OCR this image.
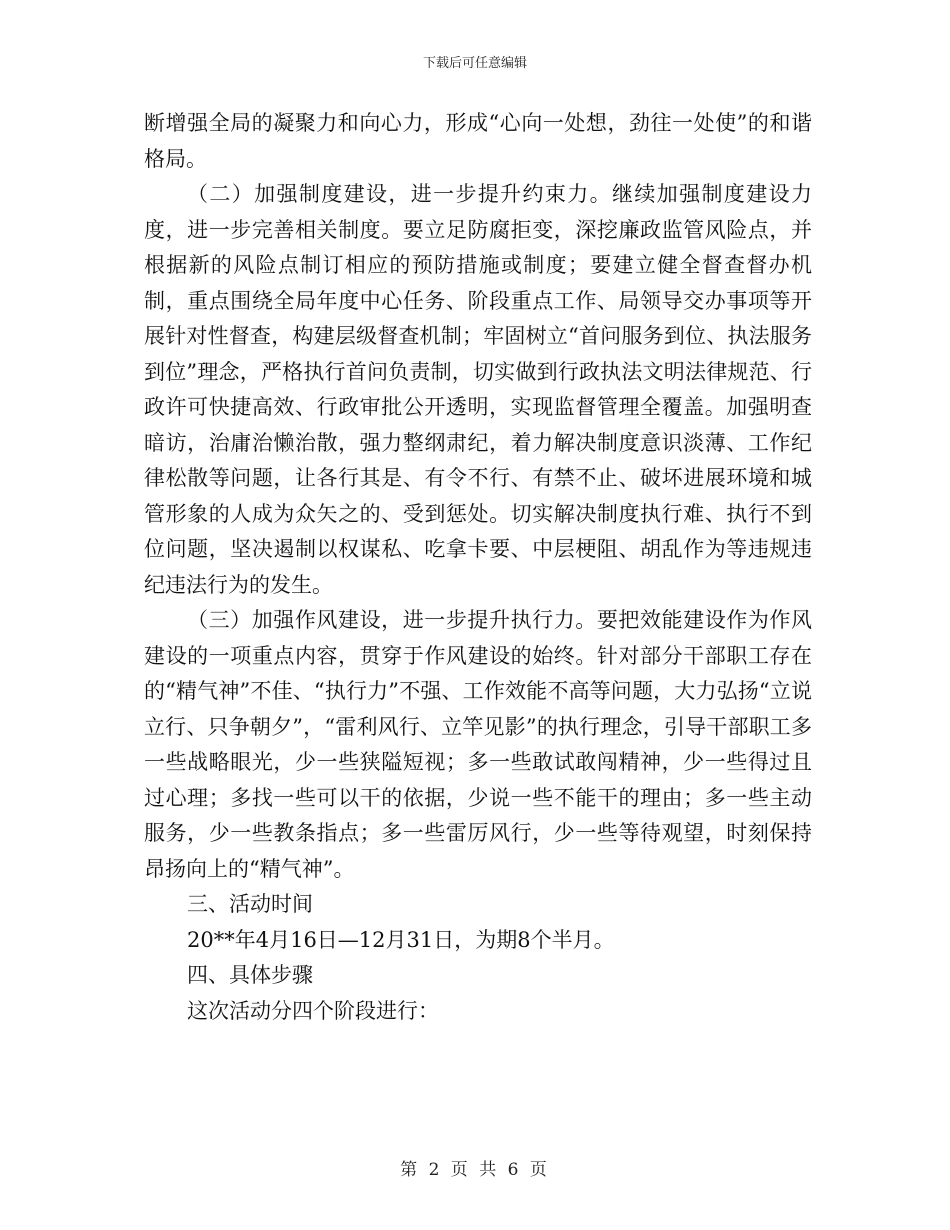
下载后可任意编辑

断增强全局的凝聚力和向心力，形成“心向一处想，劲往一处使”的和谐格局。

（二）加强制度建设，进一步提升约束力。继续加强制度建设力度，进一步完善相关制度。要立足防腐拒变，深挖廉政监管风险点，并根据新的风险点制订相应的预防措施或制度；要建立健全督查督办机制，重点围绕全局年度中心任务、阶段重点工作、局领导交办事项等开展针对性督查，构建层级督查机制；牢固树立“首问服务到位、执法服务到位”理念，严格执行首问负责制，切实做到行政执法文明法律规范、行政许可快捷高效、行政审批公开透明，实现监督管理全覆盖。加强明查暗访，治庸治懒治散，强力整纲肃纪，着力解决制度意识淡薄、工作纪律松散等问题，让各行其是、有令不行、有禁不止、破坏进展环境和城管形象的人成为众矢之的、受到惩处。切实解决制度执行难、执行不到位问题，坚决遏制以权谋私、吃拿卡要、中层梗阻、胡乱作为等违规违纪违法行为的发生。

（三）加强作风建设，进一步提升执行力。要把效能建设作为作风建设的一项重点内容，贯穿于作风建设的始终。针对部分干部职工存在的“精气神”不佳、“执行力”不强、工作效能不高等问题，大力弘扬“立说立行、只争朝夕”，“雷利风行、立竿见影”的执行理念，引导干部职工多一些战略眼光，少一些狭隘短视；多一些敢试敢闯精神，少一些得过且过心理；多找一些可以干的依据，少说一些不能干的理由；多一些主动服务，少一些教条指点；多一些雷厉风行，少一些等待观望，时刻保持昂扬向上的“精气神”。

三、活动时间

20**年4月16日—12月31日，为期8个半月。

四、具体步骤

这次活动分四个阶段进行：

第 2 页 共 6 页
